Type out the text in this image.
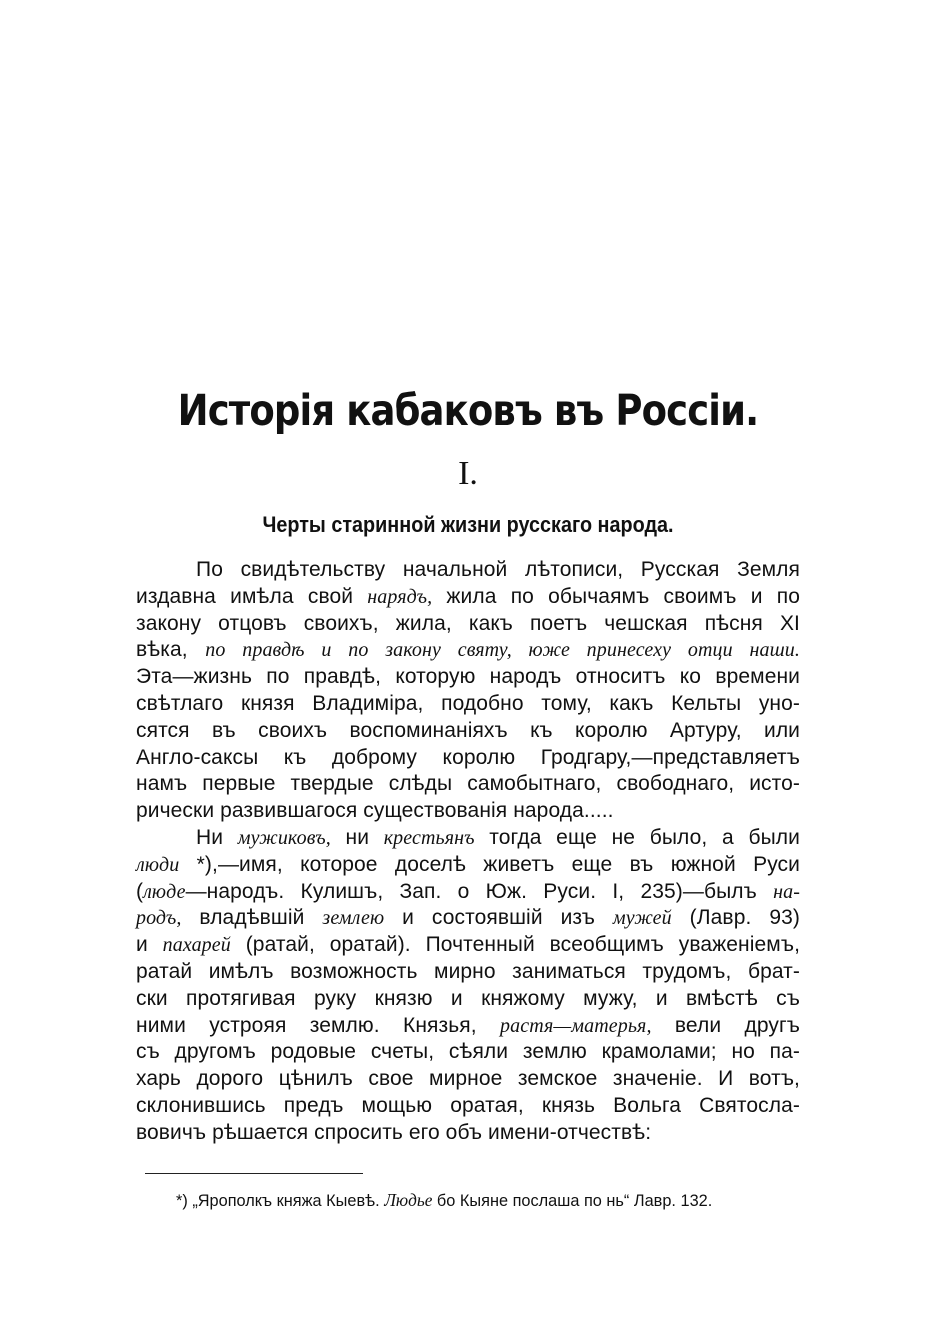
Исторія кабаковъ въ Россіи.
I.
Черты старинной жизни русскаго народа.
По свидѣтельству начальной лѣтописи, Русская Земля
издавна имѣла свой нарядъ, жила по обычаямъ своимъ и по
закону отцовъ своихъ, жила, какъ поетъ чешская пѣсня XI
вѣка, по правдѣ и по закону святу, юже принесеху отци наши.
Эта—жизнь по правдѣ, которую народъ относитъ ко времени
свѣтлаго князя Владиміра, подобно тому, какъ Кельты уно-
сятся въ своихъ воспоминаніяхъ къ королю Артуру, или
Англо-саксы къ доброму королю Гродгару,—представляетъ
намъ первые твердые слѣды самобытнаго, свободнаго, исто-
рически развившагося существованія народа.....
Ни мужиковъ, ни крестьянъ тогда еще не было, а были
люди *),—имя, которое доселѣ живетъ еще въ южной Руси
(люде—народъ. Кулишъ, Зап. о Юж. Руси. I, 235)—былъ на-
родъ, владѣвшій землею и состоявшій изъ мужей (Лавр. 93)
и пахарей (ратай, оратай). Почтенный всеобщимъ уваженіемъ,
ратай имѣлъ возможность мирно заниматься трудомъ, брат-
ски протягивая руку князю и княжому мужу, и вмѣстѣ съ
ними устрояя землю. Князья, растя—матерья, вели другъ
съ другомъ родовые счеты, сѣяли землю крамолами; но па-
харь дорого цѣнилъ свое мирное земское значеніе. И вотъ,
склонившись предъ мощью оратая, князь Вольга Святосла-
вовичъ рѣшается спросить его объ имени-отчествѣ:
*) „Ярополкъ княжа Кыевѣ. Людье бо Кыяне послаша по нь“ Лавр. 132.
